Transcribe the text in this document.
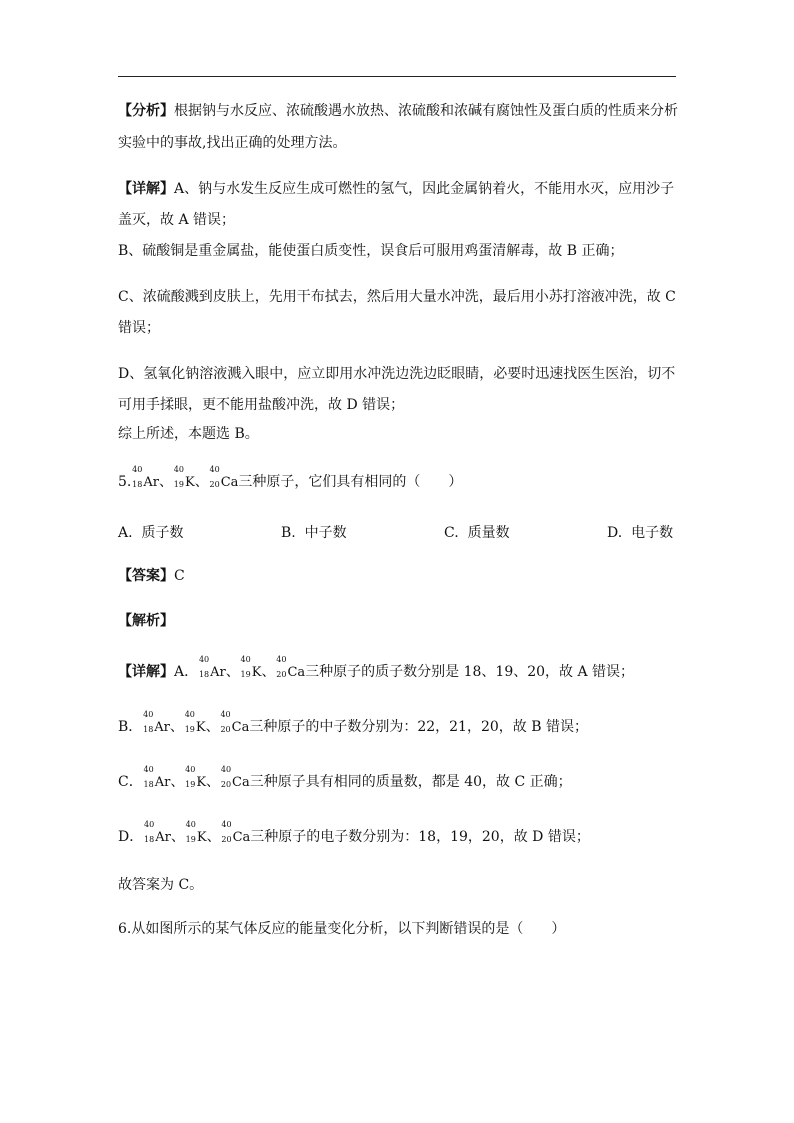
【分析】根据钠与水反应、浓硫酸遇水放热、浓硫酸和浓碱有腐蚀性及蛋白质的性质来分析
实验中的事故,找出正确的处理方法。
【详解】A、钠与水发生反应生成可燃性的氢气，因此金属钠着火，不能用水灭，应用沙子
盖灭，故 A 错误；
B、硫酸铜是重金属盐，能使蛋白质变性，误食后可服用鸡蛋清解毒，故 B 正确；
C、浓硫酸溅到皮肤上，先用干布拭去，然后用大量水冲洗，最后用小苏打溶液冲洗，故 C
错误；
D、氢氧化钠溶液溅入眼中，应立即用水冲洗边洗边眨眼睛，必要时迅速找医生医治，切不
可用手揉眼，更不能用盐酸冲洗，故 D 错误；
综上所述，本题选 B。
5.
40
18 Ar、
40
19 K、
40
20 Ca三种原子，它们具有相同的（　　）
A. 质子数	B. 中子数	C. 质量数	D. 电子数
【答案】C
【解析】
【详解】A．
40
18 Ar、
40
19 K、
40
20 Ca三种原子的质子数分别是 18、19、20，故 A 错误；
B．
40
18 Ar、
40
19 K、
40
20 Ca三种原子的中子数分别为：22，21，20，故 B 错误；
C．
40
18 Ar、
40
19 K、
40
20 Ca三种原子具有相同的质量数，都是 40，故 C 正确；
D．
40
18 Ar、
40
19 K、
40
20 Ca三种原子的电子数分别为：18，19，20，故 D 错误；
故答案为 C。
6.从如图所示的某气体反应的能量变化分析，以下判断错误的是（　　）
